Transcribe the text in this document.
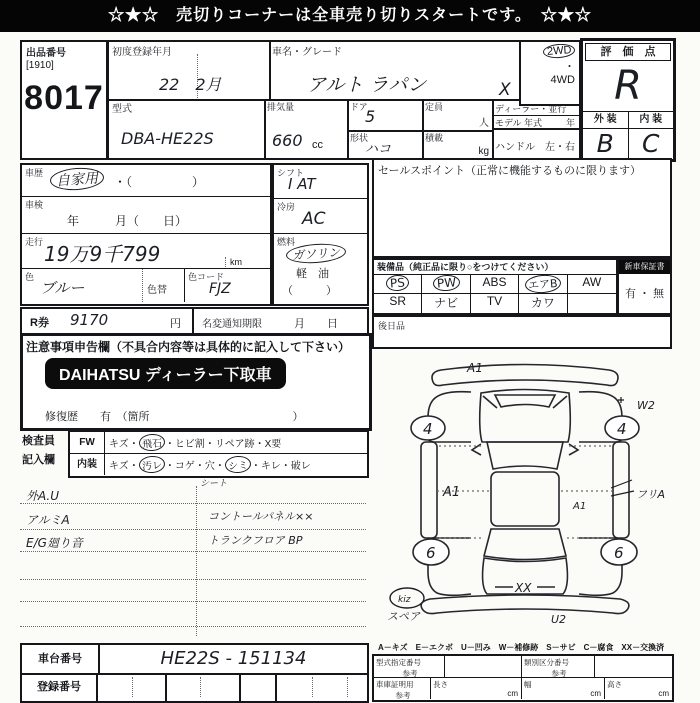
☆★☆　売切りコーナーは全車売り切りスタートです。　☆★☆
出品番号
[1910]
8017
初度登録年月
22　2月
車名・グレード
アルト ラパン	X
2WD
・
4WD
型式
DBA-HE22S
排気量
660 cc
ドア
5	定員
人
ディーラー・並行
モデル 年式	年
形状
ハコ
積載
kg ハンドル　左・右
評　価　点
R
外 装	内 装
B	C
車歴 自家用	・（　　　　　）
車検
年　　　月（　　日）
走行 19万9千799	km
色
ブルー	色替
色コード
FJZ
シフト
I AT
冷房
AC
燃料
ガソリン
軽　油
（　　　）
R券 9170	円 名変通知期限	月　　日
セールスポイント（正常に機能するものに限ります）
装備品（純正品に限り○をつけてください）
PS	PW	ABS	エアB	AW
SR	ナビ	TV	カワ
新車保証書
有 ・ 無
後日品
注意事項申告欄（不具合内容等は具体的に記入して下さい）
DAIHATSU ディーラー下取車
修復歴　　有　（箇所　　　　　　　　　　　　　）
検査員
記入欄
FW	キズ・ 飛石 ・ヒビ割・リペア跡・X要
内装	キズ・ 汚レ ・コゲ・穴・ シミ ・キレ・破レ
シート
外A.U
アルミA	コントールパネル××
E/G廻り音	トランクフロア BP
車台番号	HE22S - 151134
登録番号
A1
W2
4	4
A1
A1
フリA
6	6
XX
U2
kiz
スペア
A－キズ　E－エクボ　U－凹み　W－補修跡　S－サビ　C－腐食　XX－交換済
型式指定番号
参考
類別区分番号
参考
車庫証明用
参考
長さ
cm
幅
cm
高さ
cm
